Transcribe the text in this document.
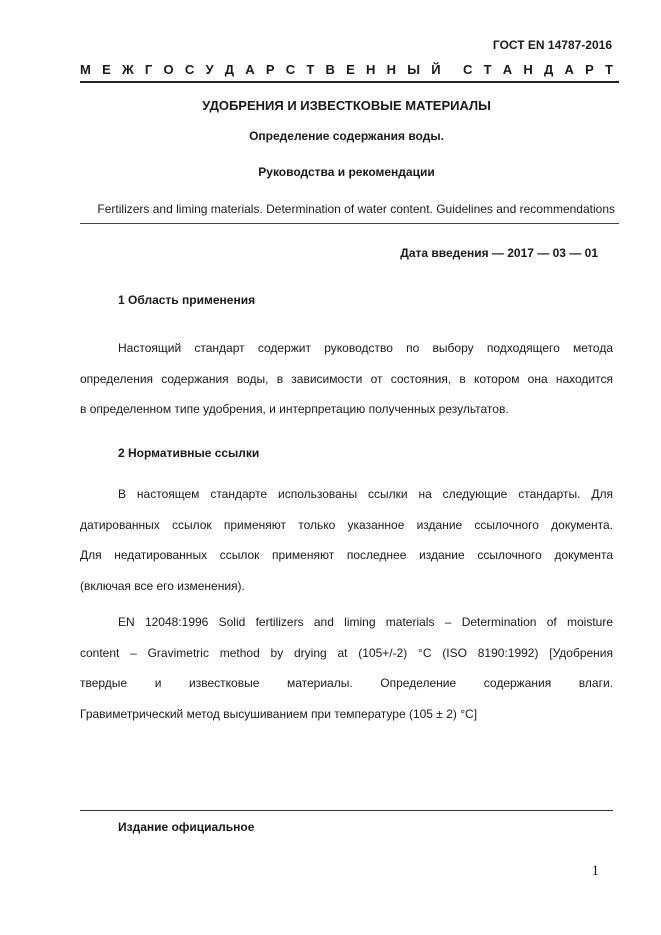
ГОСТ EN 14787-2016
М Е Ж Г О С У Д А Р С Т В Е Н Н Ы Й С Т А Н Д А Р Т
УДОБРЕНИЯ И ИЗВЕСТКОВЫЕ МАТЕРИАЛЫ
Определение содержания воды.
Руководства и рекомендации
Fertilizers and liming materials. Determination of water content. Guidelines and recommendations
Дата введения — 2017 — 03 — 01
1 Область применения
Настоящий стандарт содержит руководство по выбору подходящего метода
определения содержания воды, в зависимости от состояния, в котором она находится
в определенном типе удобрения, и интерпретацию полученных результатов.
2 Нормативные ссылки
В настоящем стандарте использованы ссылки на следующие стандарты. Для
датированных ссылок применяют только указанное издание ссылочного документа.
Для недатированных ссылок применяют последнее издание ссылочного документа
(включая все его изменения).
EN 12048:1996 Solid fertilizers and liming materials – Determination of moisture
content – Gravimetric method by drying at (105+/-2) °C (ISO 8190:1992) [Удобрения
твердые и известковые материалы. Определение содержания влаги.
Гравиметрический метод высушиванием при температуре (105 ± 2) °С]
Издание официальное
1
